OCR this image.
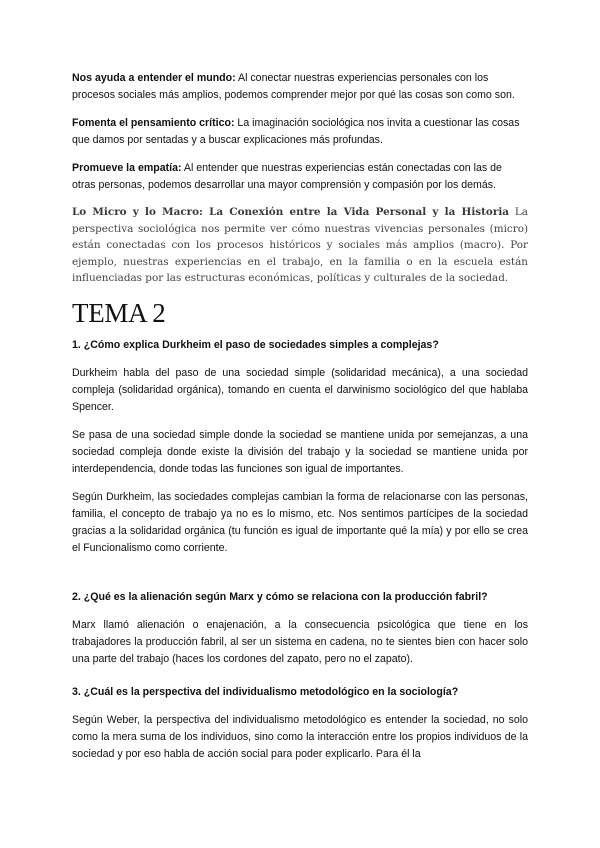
Nos ayuda a entender el mundo: Al conectar nuestras experiencias personales con los procesos sociales más amplios, podemos comprender mejor por qué las cosas son como son.

Fomenta el pensamiento crítico: La imaginación sociológica nos invita a cuestionar las cosas que damos por sentadas y a buscar explicaciones más profundas.

Promueve la empatía: Al entender que nuestras experiencias están conectadas con las de otras personas, podemos desarrollar una mayor comprensión y compasión por los demás.

Lo Micro y lo Macro: La Conexión entre la Vida Personal y la Historia La perspectiva sociológica nos permite ver cómo nuestras vivencias personales (micro) están conectadas con los procesos históricos y sociales más amplios (macro). Por ejemplo, nuestras experiencias en el trabajo, en la familia o en la escuela están influenciadas por las estructuras económicas, políticas y culturales de la sociedad.

TEMA 2

1. ¿Cómo explica Durkheim el paso de sociedades simples a complejas?

Durkheim habla del paso de una sociedad simple (solidaridad mecánica), a una sociedad compleja (solidaridad orgánica), tomando en cuenta el darwinismo sociológico del que hablaba Spencer.

Se pasa de una sociedad simple donde la sociedad se mantiene unida por semejanzas, a una sociedad compleja donde existe la división del trabajo y la sociedad se mantiene unida por interdependencia, donde todas las funciones son igual de importantes.

Según Durkheim, las sociedades complejas cambian la forma de relacionarse con las personas, familia, el concepto de trabajo ya no es lo mismo, etc. Nos sentimos partícipes de la sociedad gracias a la solidaridad orgánica (tu función es igual de importante qué la mía) y por ello se crea el Funcionalismo como corriente.

2. ¿Qué es la alienación según Marx y cómo se relaciona con la producción fabril?

Marx llamó alienación o enajenación, a la consecuencia psicológica que tiene en los trabajadores la producción fabril, al ser un sistema en cadena, no te sientes bien con hacer solo una parte del trabajo (haces los cordones del zapato, pero no el zapato).

3. ¿Cuál es la perspectiva del individualismo metodológico en la sociología?

Según Weber, la perspectiva del individualismo metodológico es entender la sociedad, no solo como la mera suma de los individuos, sino como la interacción entre los propios individuos de la sociedad y por eso habla de acción social para poder explicarlo. Para él la
